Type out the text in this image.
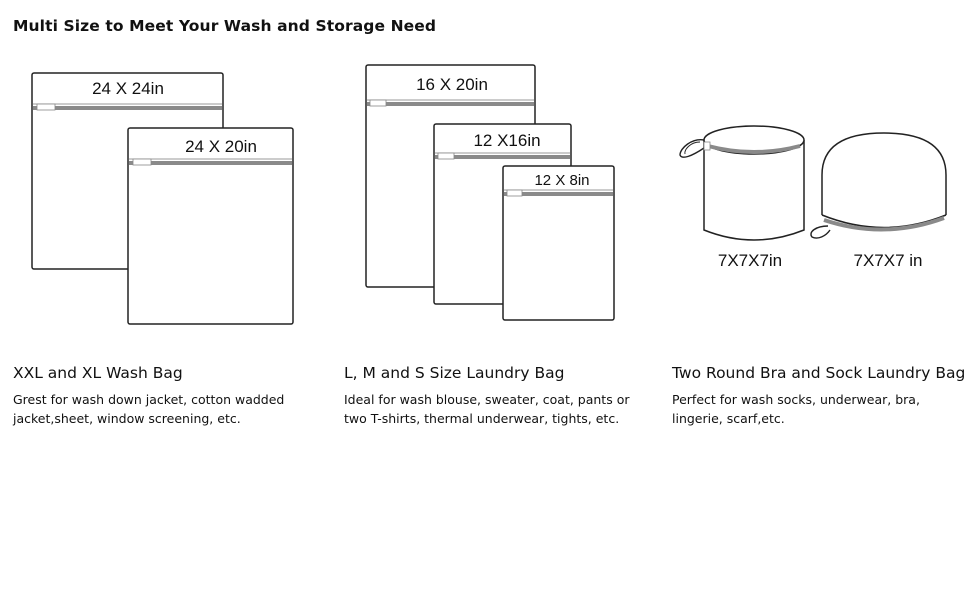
Multi Size to Meet Your Wash and Storage Need
24 X 24in
24 X 20in
16 X 20in
12 X16in
12 X 8in
7X7X7in	7X7X7 in
XXL and XL Wash Bag
Grest for wash down jacket, cotton wadded
jacket,sheet, window screening, etc.
L, M and S Size Laundry Bag
Ideal for wash blouse, sweater, coat, pants or
two T-shirts, thermal underwear, tights, etc.
Two Round Bra and Sock Laundry Bag
Perfect for wash socks, underwear, bra,
lingerie, scarf,etc.
